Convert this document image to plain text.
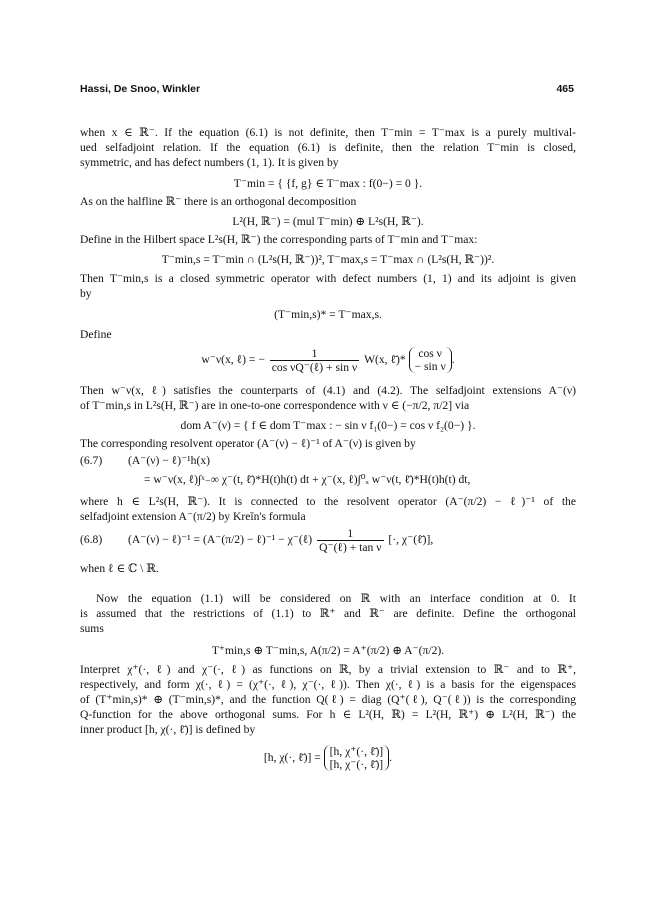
Hassi, De Snoo, Winkler	465
when x ∈ ℝ⁻. If the equation (6.1) is not definite, then T⁻min = T⁻max is a purely multival-
ued selfadjoint relation. If the equation (6.1) is definite, then the relation T⁻min is closed,
symmetric, and has defect numbers (1, 1). It is given by
T⁻min = { {f, g} ∈ T⁻max : f(0−) = 0 }.
As on the halfline ℝ⁻ there is an orthogonal decomposition
L²(H, ℝ⁻) = (mul T⁻min) ⊕ L²s(H, ℝ⁻).
Define in the Hilbert space L²s(H, ℝ⁻) the corresponding parts of T⁻min and T⁻max:
T⁻min,s = T⁻min ∩ (L²s(H, ℝ⁻))², T⁻max,s = T⁻max ∩ (L²s(H, ℝ⁻))².
Then T⁻min,s is a closed symmetric operator with defect numbers (1, 1) and its adjoint is given
by
(T⁻min,s)* = T⁻max,s.
Define
w⁻ν(x, ℓ) = − $\frac{1}{\text{cos νQ⁻(ℓ) + sin ν}} W(x$, ℓ̄)*	cos ν
− sin ν
.
Then w⁻ν(x, ℓ) satisfies the counterparts of (4.1) and (4.2). The selfadjoint extensions A⁻(ν)
of T⁻min,s in L²s(H, ℝ⁻) are in one-to-one correspondence with ν ∈ (−π/2, π/2] via
dom A⁻(ν) = { f ∈ dom T⁻max : − sin ν f₁(0−) = cos ν f₂(0−) }.
The corresponding resolvent operator (A⁻(ν) − ℓ)⁻¹ of A⁻(ν) is given by
(6.7) (A⁻(ν) − ℓ)⁻¹h(x)
= w⁻ν(x, ℓ)∫ˣ₋∞ χ⁻(t, ℓ̄)*H(t)h(t) dt + χ⁻(x, ℓ)∫⁰ₓ w⁻ν(t, ℓ̄)*H(t)h(t) dt,
where h ∈ L²s(H, ℝ⁻). It is connected to the resolvent operator (A⁻(π/2) − ℓ)⁻¹ of the
selfadjoint extension A⁻(π/2) by Kreĭn's formula
(6.8) (A⁻(ν) − ℓ)⁻¹ = (A⁻(π/2) − ℓ)⁻¹ − χ⁻(ℓ) $\frac{1}{\text{Q⁻(ℓ) + tan ν}}$ [·, χ⁻(ℓ̄)],
when ℓ ∈ ℂ \ ℝ.
Now the equation (1.1) will be considered on ℝ with an interface condition at 0. It
is assumed that the restrictions of (1.1) to ℝ⁺ and ℝ⁻ are definite. Define the orthogonal
sums
T⁺min,s ⊕ T⁻min,s, A(π/2) = A⁺(π/2) ⊕ A⁻(π/2).
Interpret χ⁺(·, ℓ) and χ⁻(·, ℓ) as functions on ℝ, by a trivial extension to ℝ⁻ and to ℝ⁺,
respectively, and form χ(·, ℓ) = (χ⁺(·, ℓ), χ⁻(·, ℓ)). Then χ(·, ℓ) is a basis for the eigenspaces
of (T⁺min,s)* ⊕ (T⁻min,s)*, and the function Q(ℓ) = diag (Q⁺(ℓ), Q⁻(ℓ)) is the corresponding
Q-function for the above orthogonal sums. For h ∈ L²(H, ℝ) = L²(H, ℝ⁺) ⊕ L²(H, ℝ⁻) the
inner product [h, χ(·, ℓ̄)] is defined by
[h, χ(·, ℓ̄)] = [h, χ⁺(·, ℓ̄)]
[h, χ⁻(·, ℓ̄)]
.
